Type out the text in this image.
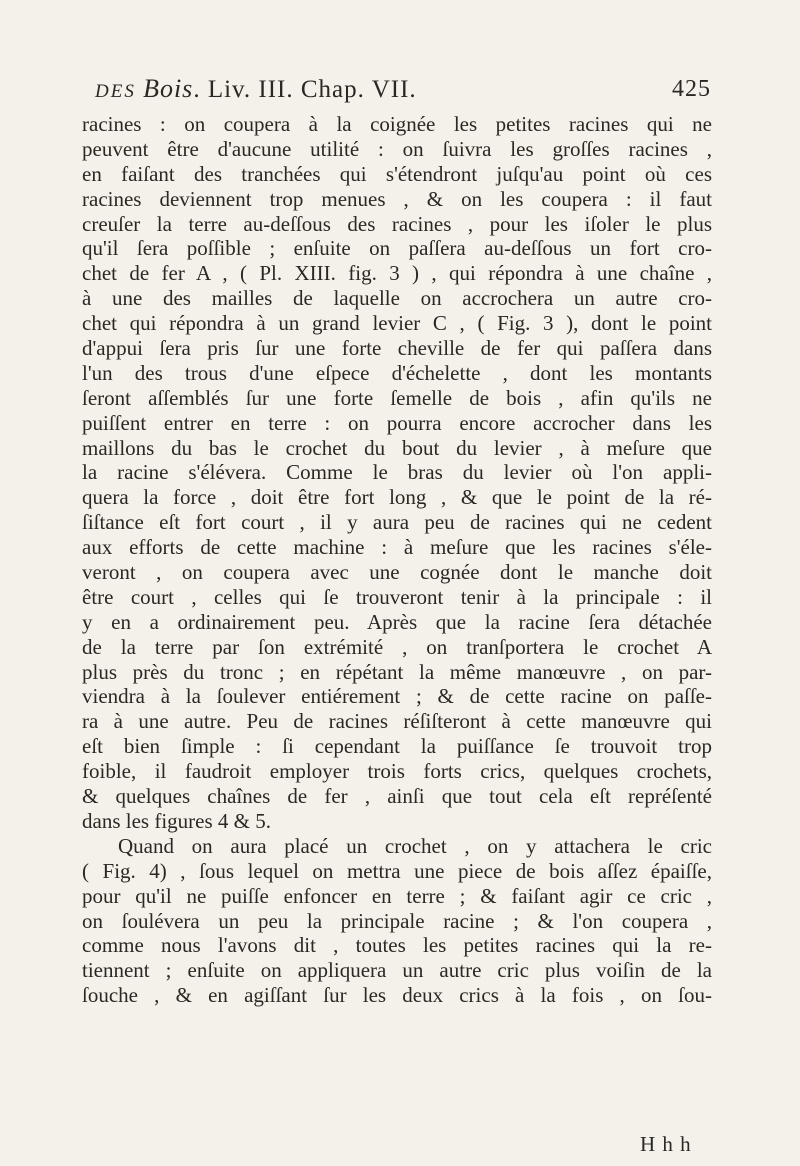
DES Bois. Liv. III. Chap. VII.	425
racines : on coupera à la coignée les petites racines qui ne
peuvent être d'aucune utilité : on ſuivra les groſſes racines ,
en faiſant des tranchées qui s'étendront juſqu'au point où ces
racines deviennent trop menues , & on les coupera : il faut
creuſer la terre au-deſſous des racines , pour les iſoler le plus
qu'il ſera poſſible ; enſuite on paſſera au-deſſous un fort cro-
chet de fer A , ( Pl. XIII. fig. 3 ) , qui répondra à une chaîne ,
à une des mailles de laquelle on accrochera un autre cro-
chet qui répondra à un grand levier C , ( Fig. 3 ), dont le point
d'appui ſera pris ſur une forte cheville de fer qui paſſera dans
l'un des trous d'une eſpece d'échelette , dont les montants
ſeront aſſemblés ſur une forte ſemelle de bois , afin qu'ils ne
puiſſent entrer en terre : on pourra encore accrocher dans les
maillons du bas le crochet du bout du levier , à meſure que
la racine s'élévera. Comme le bras du levier où l'on appli-
quera la force , doit être fort long , & que le point de la ré-
ſiſtance eſt fort court , il y aura peu de racines qui ne cedent
aux efforts de cette machine : à meſure que les racines s'éle-
veront , on coupera avec une cognée dont le manche doit
être court , celles qui ſe trouveront tenir à la principale : il
y en a ordinairement peu. Après que la racine ſera détachée
de la terre par ſon extrémité , on tranſportera le crochet A
plus près du tronc ; en répétant la même manœuvre , on par-
viendra à la ſoulever entiérement ; & de cette racine on paſſe-
ra à une autre. Peu de racines réſiſteront à cette manœuvre qui
eſt bien ſimple : ſi cependant la puiſſance ſe trouvoit trop
foible, il faudroit employer trois forts crics, quelques crochets,
& quelques chaînes de fer , ainſi que tout cela eſt repréſenté
dans les figures 4 & 5.
Quand on aura placé un crochet , on y attachera le cric
( Fig. 4) , ſous lequel on mettra une piece de bois aſſez épaiſſe,
pour qu'il ne puiſſe enfoncer en terre ; & faiſant agir ce cric ,
on ſoulévera un peu la principale racine ; & l'on coupera ,
comme nous l'avons dit , toutes les petites racines qui la re-
tiennent ; enſuite on appliquera un autre cric plus voiſin de la
ſouche , & en agiſſant ſur les deux crics à la fois , on ſou-
H h h
